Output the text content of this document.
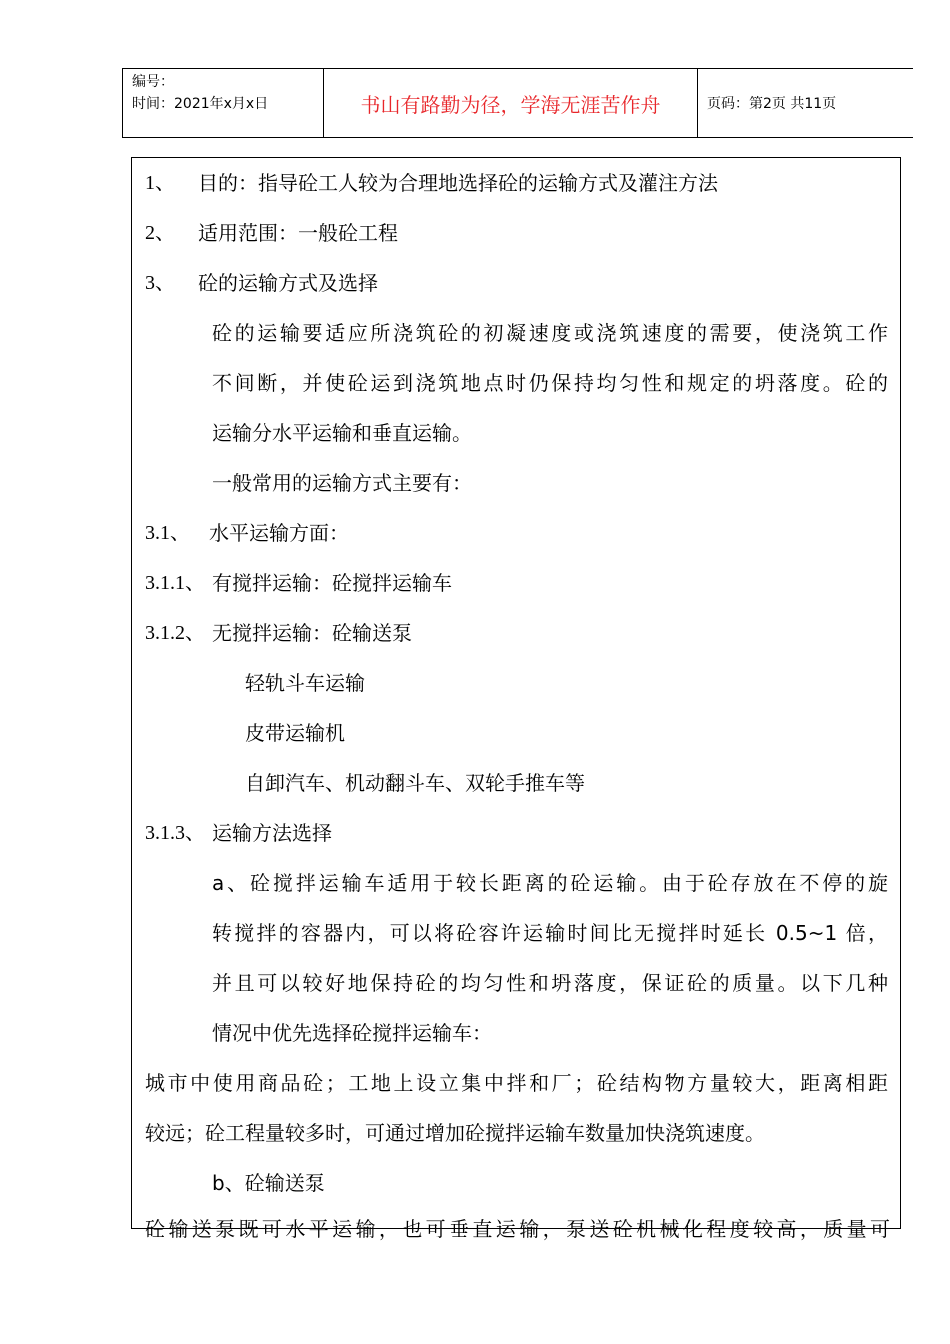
编号：
时间：2021年x月x日	书山有路勤为径，学海无涯苦作舟	页码：第2页 共11页
1、 目的：指导砼工人较为合理地选择砼的运输方式及灌注方法
2、 适用范围：一般砼工程
3、 砼的运输方式及选择
砼的运输要适应所浇筑砼的初凝速度或浇筑速度的需要，使浇筑工作
不间断，并使砼运到浇筑地点时仍保持均匀性和规定的坍落度。砼的
运输分水平运输和垂直运输。
一般常用的运输方式主要有：
3.1、 水平运输方面：
3.1.1、 有搅拌运输：砼搅拌运输车
3.1.2、 无搅拌运输：砼输送泵
轻轨斗车运输
皮带运输机
自卸汽车、机动翻斗车、双轮手推车等
3.1.3、 运输方法选择
a、砼搅拌运输车适用于较长距离的砼运输。由于砼存放在不停的旋
转搅拌的容器内，可以将砼容许运输时间比无搅拌时延长 0.5~1 倍，
并且可以较好地保持砼的均匀性和坍落度，保证砼的质量。以下几种
情况中优先选择砼搅拌运输车：
城市中使用商品砼；工地上设立集中拌和厂；砼结构物方量较大，距离相距
较远；砼工程量较多时，可通过增加砼搅拌运输车数量加快浇筑速度。
b、砼输送泵
砼输送泵既可水平运输，也可垂直运输，泵送砼机械化程度较高，质量可
